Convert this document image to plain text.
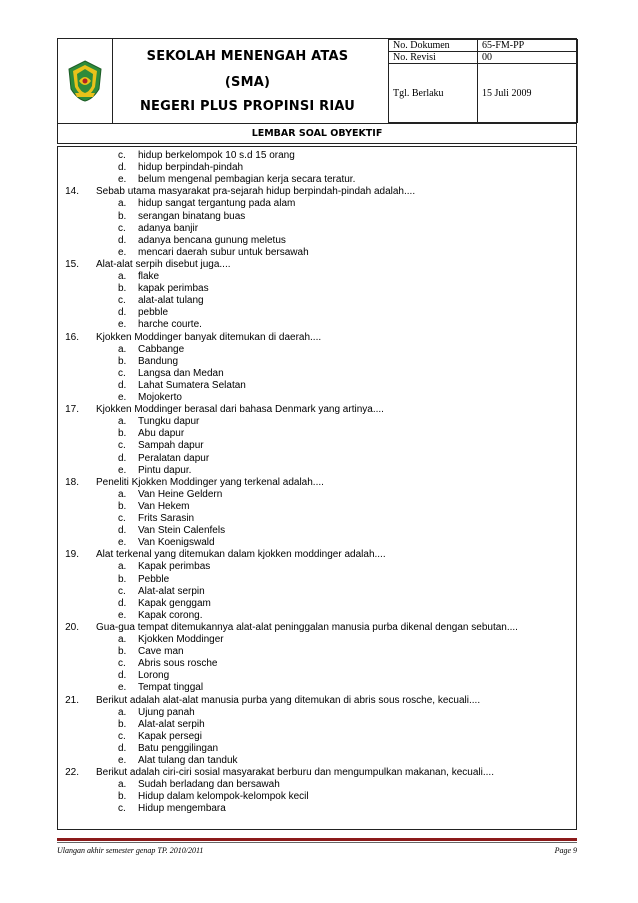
SEKOLAH MENENGAH ATAS
(SMA)
NEGERI PLUS PROPINSI RIAU
No. Dokumen	65-FM-PP
No. Revisi	00
Tgl. Berlaku	15 Juli 2009
LEMBAR SOAL OBYEKTIF
c. hidup berkelompok 10 s.d 15 orang
d. hidup berpindah-pindah
e. belum mengenal pembagian kerja secara teratur.
14. Sebab utama masyarakat pra-sejarah hidup berpindah-pindah adalah....
a. hidup sangat tergantung pada alam
b. serangan binatang buas
c. adanya banjir
d. adanya bencana gunung meletus
e. mencari daerah subur untuk bersawah
15. Alat-alat serpih disebut juga....
a. flake
b. kapak perimbas
c. alat-alat tulang
d. pebble
e. harche courte.
16. Kjokken Moddinger banyak ditemukan di daerah....
a. Cabbange
b. Bandung
c. Langsa dan Medan
d. Lahat Sumatera Selatan
e. Mojokerto
17. Kjokken Moddinger berasal dari bahasa Denmark yang artinya....
a. Tungku dapur
b. Abu dapur
c. Sampah dapur
d. Peralatan dapur
e. Pintu dapur.
18. Peneliti Kjokken Moddinger yang terkenal adalah....
a. Van Heine Geldern
b. Van Hekem
c. Frits Sarasin
d. Van Stein Calenfels
e. Van Koenigswald
19. Alat terkenal yang ditemukan dalam kjokken moddinger adalah....
a. Kapak perimbas
b. Pebble
c. Alat-alat serpin
d. Kapak genggam
e. Kapak corong.
20. Gua-gua tempat ditemukannya alat-alat peninggalan manusia purba dikenal dengan sebutan....
a. Kjokken Moddinger
b. Cave man
c. Abris sous rosche
d. Lorong
e. Tempat tinggal
21. Berikut adalah alat-alat manusia purba yang ditemukan di abris sous rosche, kecuali....
a. Ujung panah
b. Alat-alat serpih
c. Kapak persegi
d. Batu penggilingan
e. Alat tulang dan tanduk
22. Berikut adalah ciri-ciri sosial masyarakat berburu dan mengumpulkan makanan, kecuali....
a. Sudah berladang dan bersawah
b. Hidup dalam kelompok-kelompok kecil
c. Hidup mengembara
Ulangan akhir semester genap TP. 2010/2011	Page 9
